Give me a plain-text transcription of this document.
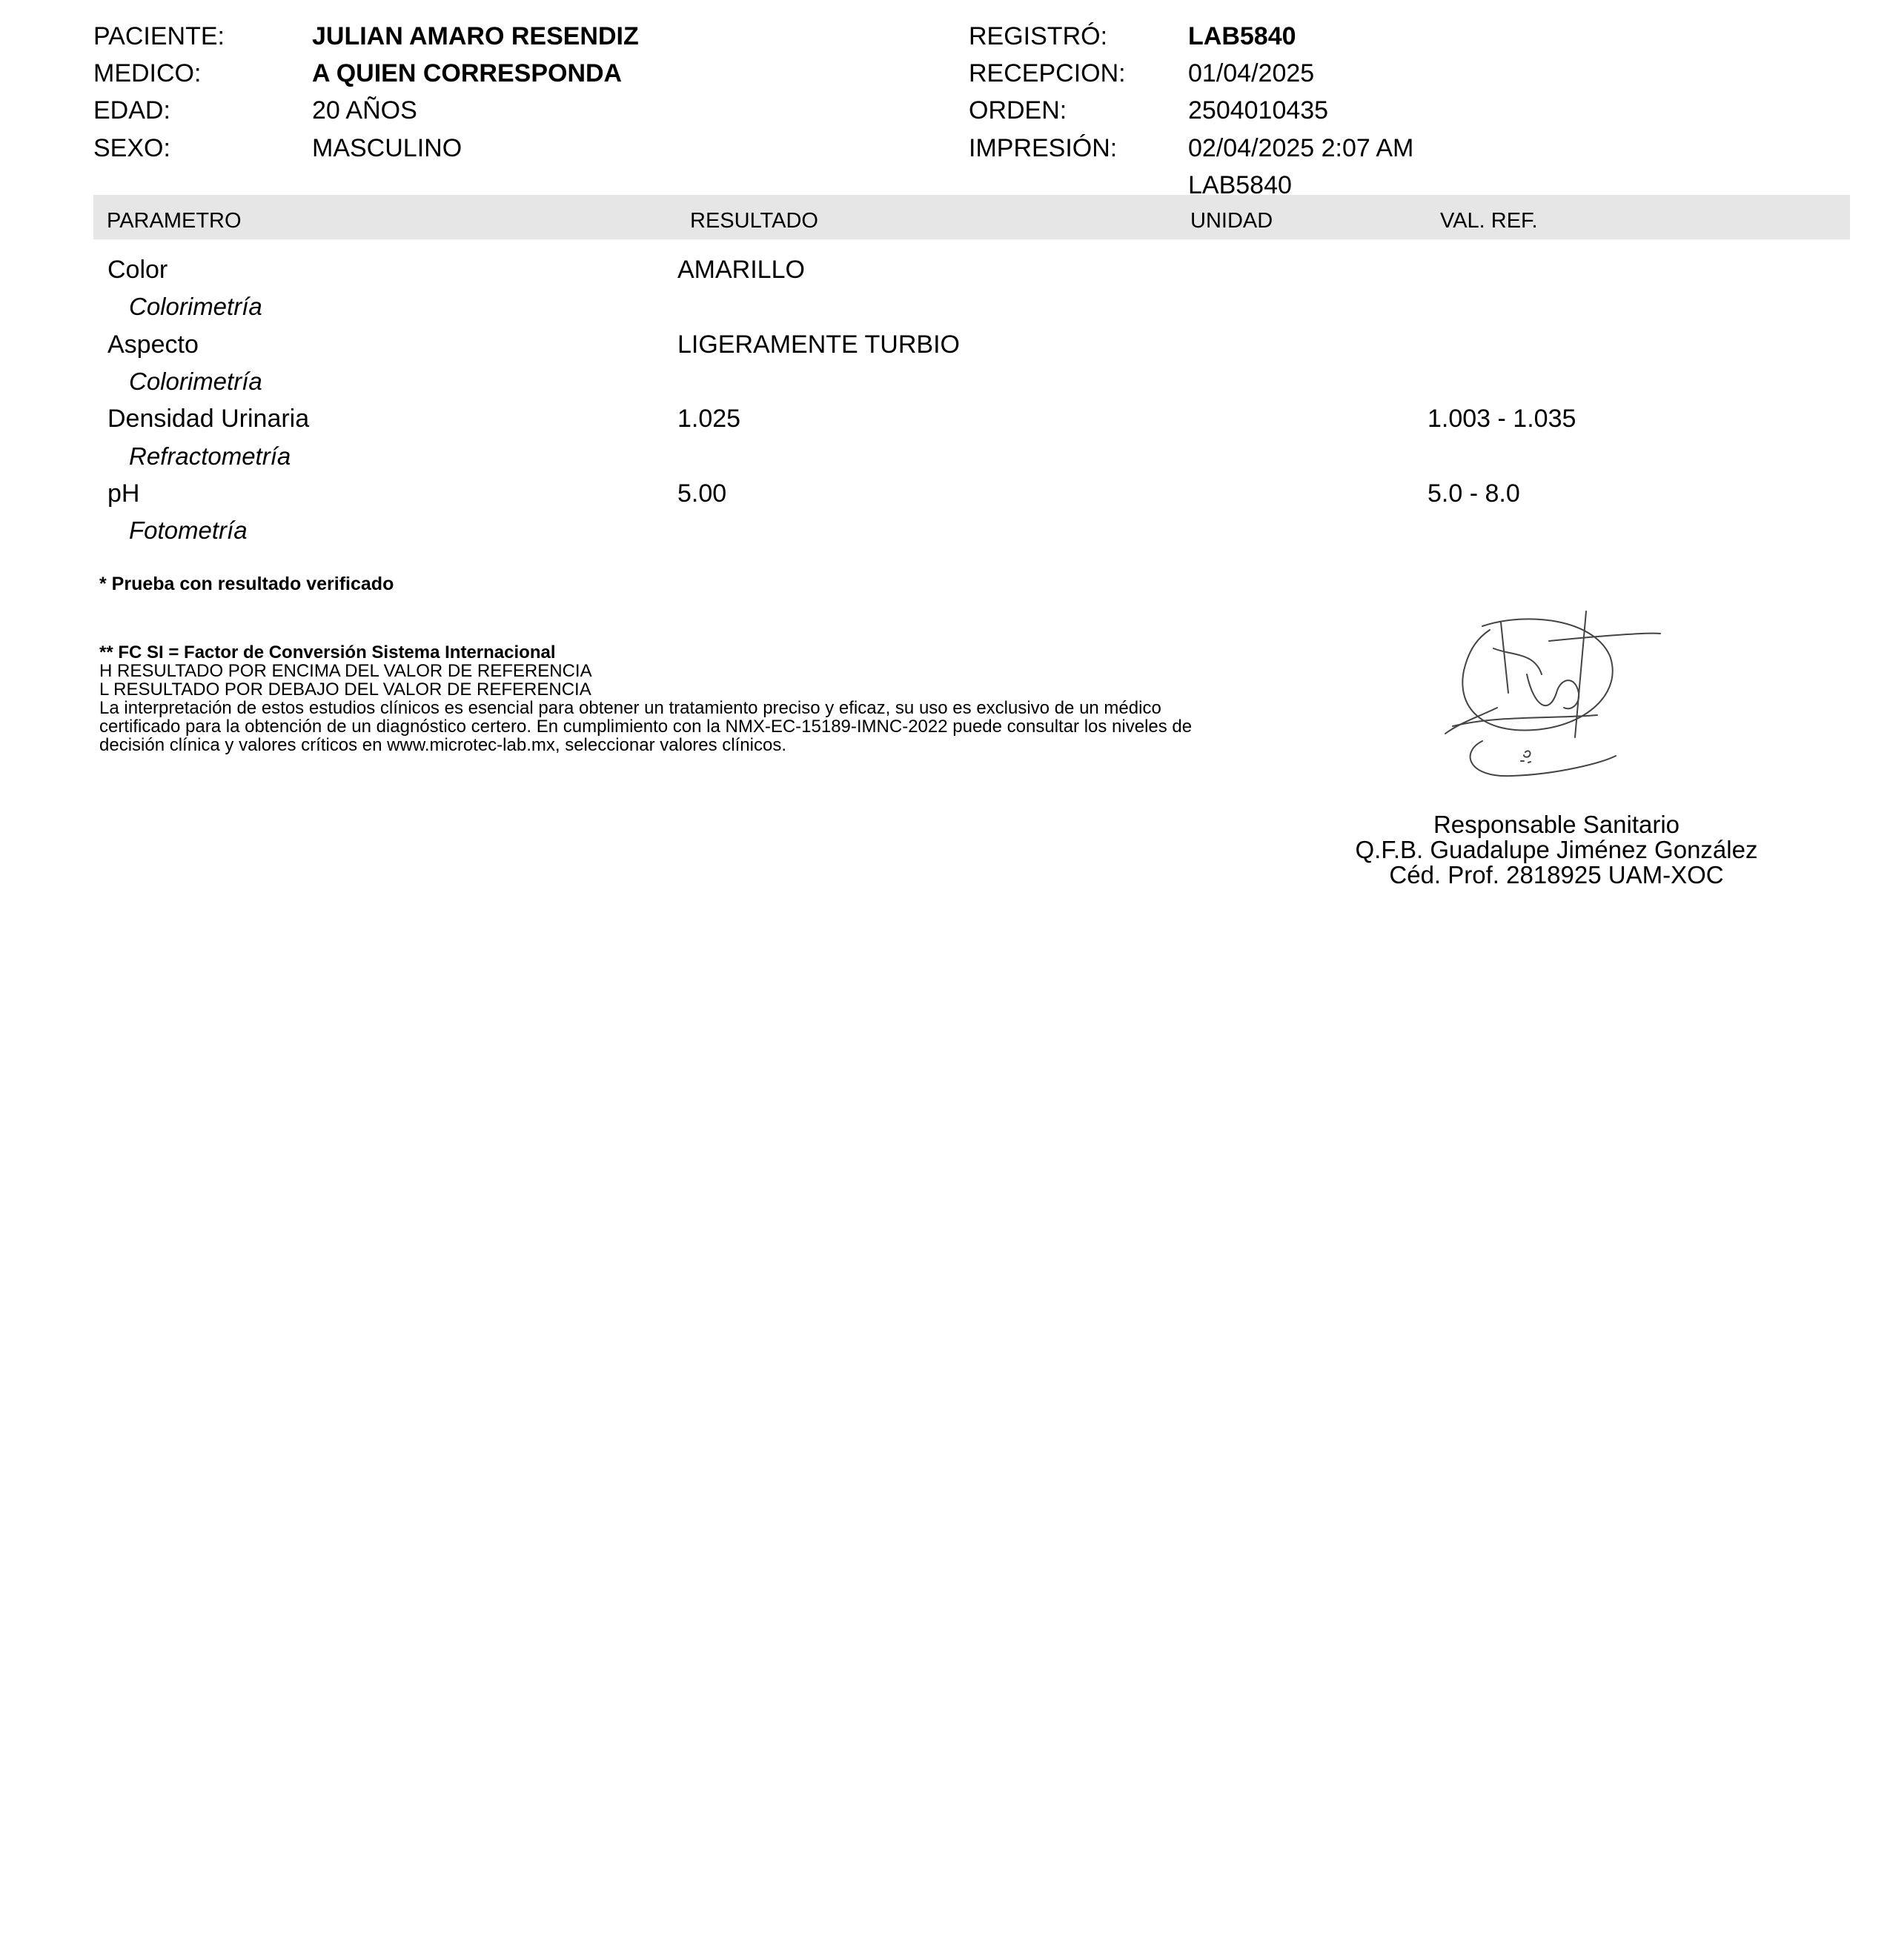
PACIENTE:	JULIAN AMARO RESENDIZ
MEDICO:	A QUIEN CORRESPONDA
EDAD:	20 AÑOS
SEXO:	MASCULINO
REGISTRÓ:	LAB5840
RECEPCION: 01/04/2025
ORDEN:	2504010435
IMPRESIÓN:	02/04/2025 2:07 AM
LAB5840
PARAMETRO	RESULTADO	UNIDAD	VAL. REF.
Color	AMARILLO
Colorimetría
Aspecto	LIGERAMENTE TURBIO
Colorimetría
Densidad Urinaria	1.025	1.003 - 1.035
Refractometría
pH	5.00	5.0 - 8.0
Fotometría
* Prueba con resultado verificado
** FC SI = Factor de Conversión Sistema Internacional
H RESULTADO POR ENCIMA DEL VALOR DE REFERENCIA
L RESULTADO POR DEBAJO DEL VALOR DE REFERENCIA
La interpretación de estos estudios clínicos es esencial para obtener un tratamiento preciso y eficaz, su uso es exclusivo de un médico
certificado para la obtención de un diagnóstico certero. En cumplimiento con la NMX-EC-15189-IMNC-2022 puede consultar los niveles de
decisión clínica y valores críticos en www.microtec-lab.mx, seleccionar valores clínicos.
Responsable Sanitario
Q.F.B. Guadalupe Jiménez González
Céd. Prof. 2818925 UAM-XOC
